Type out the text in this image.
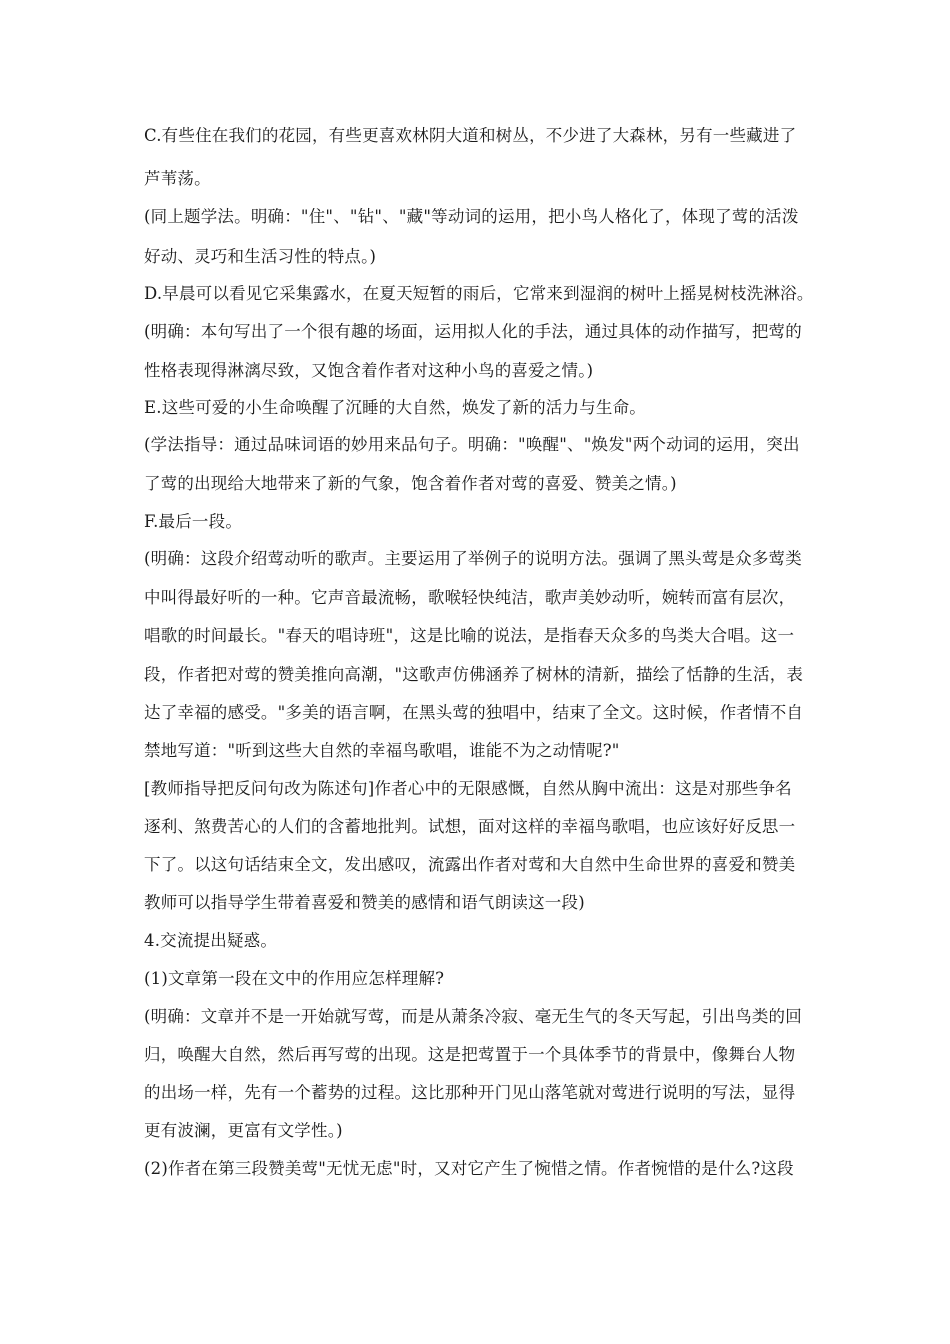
C.有些住在我们的花园，有些更喜欢林阴大道和树丛，不少进了大森林，另有一些藏进了
芦苇荡。
(同上题学法。明确："住"、"钻"、"藏"等动词的运用，把小鸟人格化了，体现了莺的活泼
好动、灵巧和生活习性的特点。)
D.早晨可以看见它采集露水，在夏天短暂的雨后，它常来到湿润的树叶上摇晃树枝洗淋浴。
(明确：本句写出了一个很有趣的场面，运用拟人化的手法，通过具体的动作描写，把莺的
性格表现得淋漓尽致，又饱含着作者对这种小鸟的喜爱之情。)
E.这些可爱的小生命唤醒了沉睡的大自然，焕发了新的活力与生命。
(学法指导：通过品味词语的妙用来品句子。明确："唤醒"、"焕发"两个动词的运用，突出
了莺的出现给大地带来了新的气象，饱含着作者对莺的喜爱、赞美之情。)
F.最后一段。
(明确：这段介绍莺动听的歌声。主要运用了举例子的说明方法。强调了黑头莺是众多莺类
中叫得最好听的一种。它声音最流畅，歌喉轻快纯洁，歌声美妙动听，婉转而富有层次，
唱歌的时间最长。"春天的唱诗班"，这是比喻的说法，是指春天众多的鸟类大合唱。这一
段，作者把对莺的赞美推向高潮，"这歌声仿佛涵养了树林的清新，描绘了恬静的生活，表
达了幸福的感受。"多美的语言啊，在黑头莺的独唱中，结束了全文。这时候，作者情不自
禁地写道："听到这些大自然的幸福鸟歌唱，谁能不为之动情呢?"
[教师指导把反问句改为陈述句]作者心中的无限感慨，自然从胸中流出：这是对那些争名
逐利、煞费苦心的人们的含蓄地批判。试想，面对这样的幸福鸟歌唱，也应该好好反思一
下了。以这句话结束全文，发出感叹，流露出作者对莺和大自然中生命世界的喜爱和赞美
教师可以指导学生带着喜爱和赞美的感情和语气朗读这一段)
4.交流提出疑惑。
(1)文章第一段在文中的作用应怎样理解?
(明确：文章并不是一开始就写莺，而是从萧条冷寂、毫无生气的冬天写起，引出鸟类的回
归，唤醒大自然，然后再写莺的出现。这是把莺置于一个具体季节的背景中，像舞台人物
的出场一样，先有一个蓄势的过程。这比那种开门见山落笔就对莺进行说明的写法，显得
更有波澜，更富有文学性。)
(2)作者在第三段赞美莺"无忧无虑"时，又对它产生了惋惜之情。作者惋惜的是什么?这段
